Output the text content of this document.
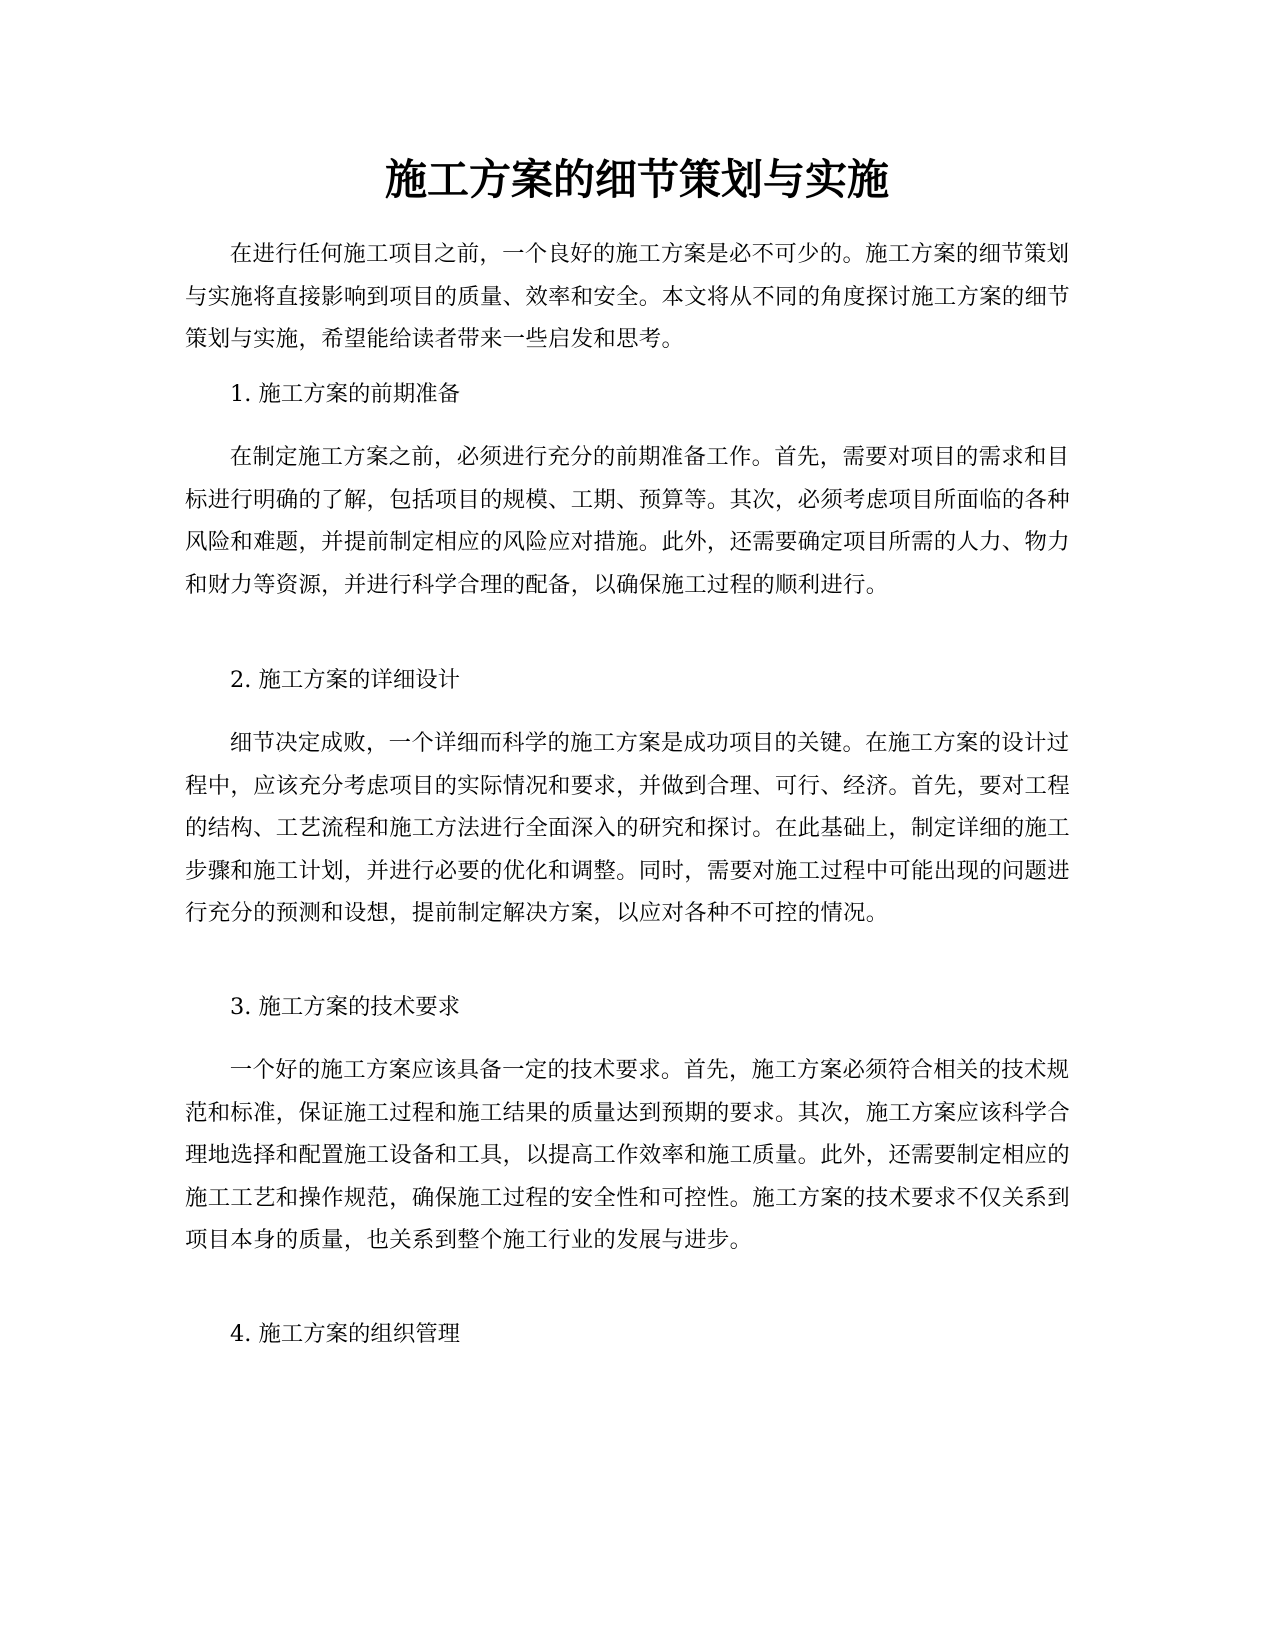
施工方案的细节策划与实施

在进行任何施工项目之前，一个良好的施工方案是必不可少的。施工方案的细节策划与实施将直接影响到项目的质量、效率和安全。本文将从不同的角度探讨施工方案的细节策划与实施，希望能给读者带来一些启发和思考。

1. 施工方案的前期准备

在制定施工方案之前，必须进行充分的前期准备工作。首先，需要对项目的需求和目标进行明确的了解，包括项目的规模、工期、预算等。其次，必须考虑项目所面临的各种风险和难题，并提前制定相应的风险应对措施。此外，还需要确定项目所需的人力、物力和财力等资源，并进行科学合理的配备，以确保施工过程的顺利进行。

2. 施工方案的详细设计

细节决定成败，一个详细而科学的施工方案是成功项目的关键。在施工方案的设计过程中，应该充分考虑项目的实际情况和要求，并做到合理、可行、经济。首先，要对工程的结构、工艺流程和施工方法进行全面深入的研究和探讨。在此基础上，制定详细的施工步骤和施工计划，并进行必要的优化和调整。同时，需要对施工过程中可能出现的问题进行充分的预测和设想，提前制定解决方案，以应对各种不可控的情况。

3. 施工方案的技术要求

一个好的施工方案应该具备一定的技术要求。首先，施工方案必须符合相关的技术规范和标准，保证施工过程和施工结果的质量达到预期的要求。其次，施工方案应该科学合理地选择和配置施工设备和工具，以提高工作效率和施工质量。此外，还需要制定相应的施工工艺和操作规范，确保施工过程的安全性和可控性。施工方案的技术要求不仅关系到项目本身的质量，也关系到整个施工行业的发展与进步。

4. 施工方案的组织管理
